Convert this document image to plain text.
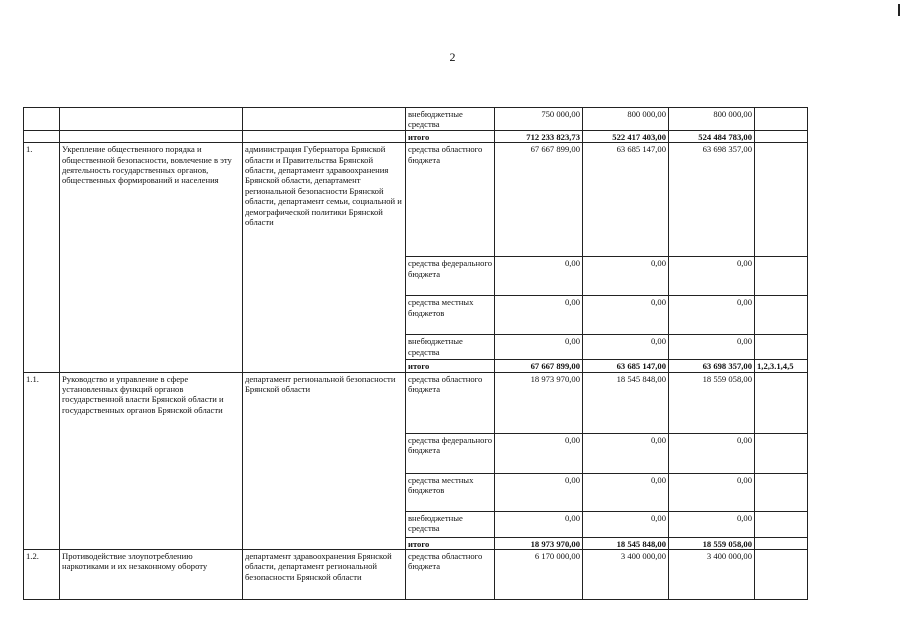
2
			внебюджетные средства	750 000,00	800 000,00	800 000,00	
			итого	712 233 823,73	522 417 403,00	524 484 783,00	
1.	Укрепление общественного порядка и общественной безопасности, вовлечение в эту деятельность государственных органов, общественных формирований и населения	администрация Губернатора Брянской области и Правительства Брянской области, департамент здравоохранения Брянской области, департамент региональной безопасности Брянской области, департамент семьи, социальной и демографической политики Брянской области	средства областного бюджета	67 667 899,00	63 685 147,00	63 698 357,00	
			средства федерального бюджета	0,00	0,00	0,00	
			средства местных бюджетов	0,00	0,00	0,00	
			внебюджетные средства	0,00	0,00	0,00	
			итого	67 667 899,00	63 685 147,00	63 698 357,00	1,2,3.1,4,5
1.1.	Руководство и управление в сфере установленных функций органов государственной власти Брянской области и государственных органов Брянской области	департамент региональной безопасности Брянской области	средства областного бюджета	18 973 970,00	18 545 848,00	18 559 058,00	
			средства федерального бюджета	0,00	0,00	0,00	
			средства местных бюджетов	0,00	0,00	0,00	
			внебюджетные средства	0,00	0,00	0,00	
			итого	18 973 970,00	18 545 848,00	18 559 058,00	
1.2.	Противодействие злоупотреблению наркотиками и их незаконному обороту	департамент здравоохранения Брянской области, департамент региональной безопасности Брянской области	средства областного бюджета	6 170 000,00	3 400 000,00	3 400 000,00	
